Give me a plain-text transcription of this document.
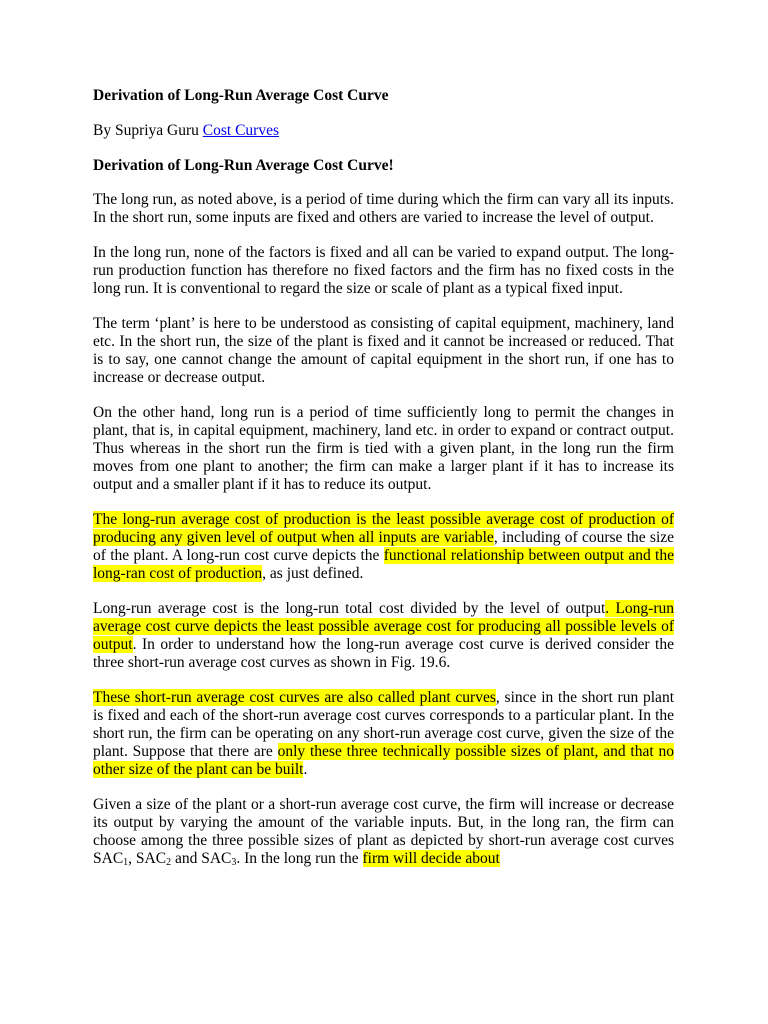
Derivation of Long-Run Average Cost Curve
By Supriya Guru Cost Curves
Derivation of Long-Run Average Cost Curve!

The long run, as noted above, is a period of time during which the firm can vary all its inputs. In the short run, some inputs are fixed and others are varied to increase the level of output.

In the long run, none of the factors is fixed and all can be varied to expand output. The long-run production function has therefore no fixed factors and the firm has no fixed costs in the long run. It is conventional to regard the size or scale of plant as a typical fixed input.

The term ‘plant’ is here to be understood as consisting of capital equipment, machinery, land etc. In the short run, the size of the plant is fixed and it cannot be increased or reduced. That is to say, one cannot change the amount of capital equipment in the short run, if one has to increase or decrease output.

On the other hand, long run is a period of time sufficiently long to permit the changes in plant, that is, in capital equipment, machinery, land etc. in order to expand or contract output. Thus whereas in the short run the firm is tied with a given plant, in the long run the firm moves from one plant to another; the firm can make a larger plant if it has to increase its output and a smaller plant if it has to reduce its output.

The long-run average cost of production is the least possible average cost of production of producing any given level of output when all inputs are variable, including of course the size of the plant. A long-run cost curve depicts the functional relationship between output and the long-ran cost of production, as just defined.

Long-run average cost is the long-run total cost divided by the level of output. Long-run average cost curve depicts the least possible average cost for producing all possible levels of output. In order to understand how the long-run average cost curve is derived consider the three short-run average cost curves as shown in Fig. 19.6.

These short-run average cost curves are also called plant curves, since in the short run plant is fixed and each of the short-run average cost curves corresponds to a particular plant. In the short run, the firm can be operating on any short-run average cost curve, given the size of the plant. Suppose that there are only these three technically possible sizes of plant, and that no other size of the plant can be built.

Given a size of the plant or a short-run average cost curve, the firm will increase or decrease its output by varying the amount of the variable inputs. But, in the long ran, the firm can choose among the three possible sizes of plant as depicted by short-run average cost curves $SAC_1$, $SAC_2$ and $SAC_3$. In the long run the firm will decide about
